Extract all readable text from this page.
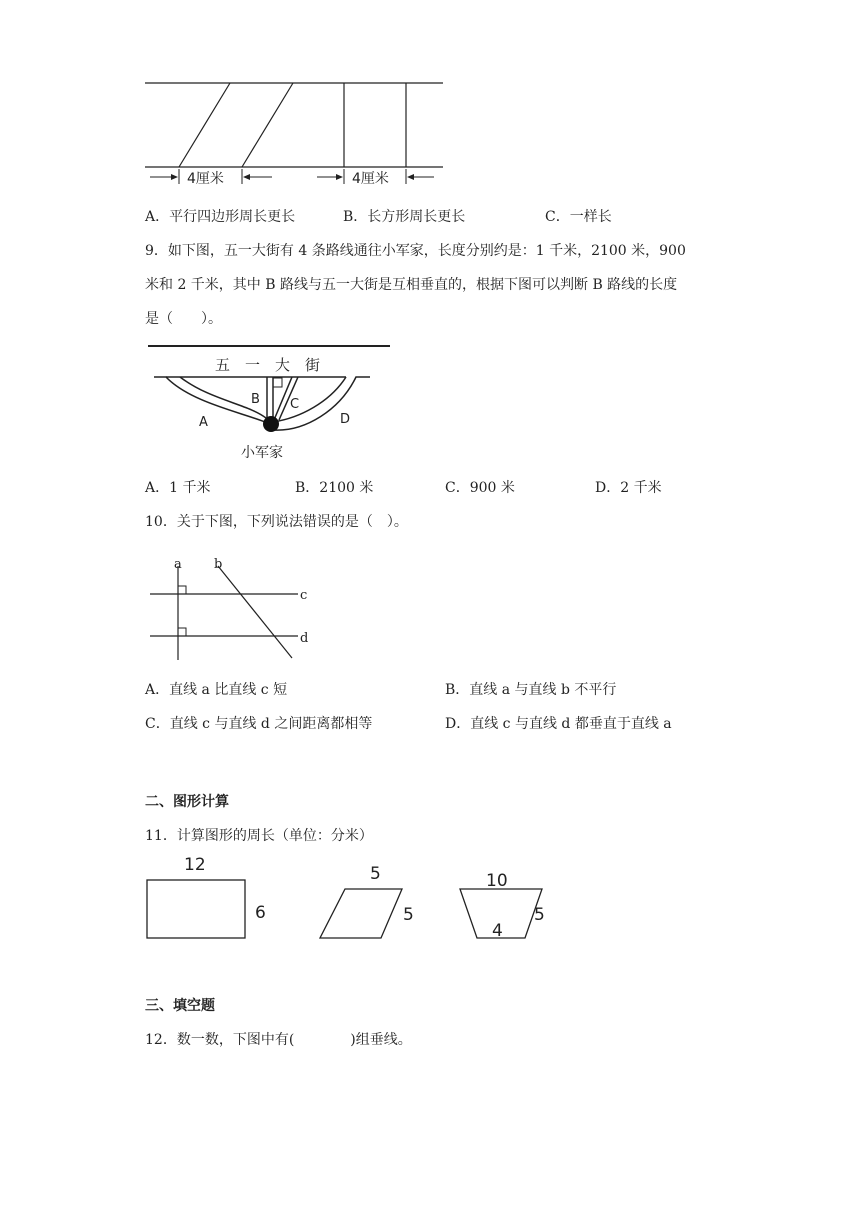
4厘米	4厘米
A．平行四边形周长更长	B．长方形周长更长	C．一样长
9．如下图，五一大街有 4 条路线通往小军家，长度分别约是：1 千米，2100 米，900
米和 2 千米，其中 B 路线与五一大街是互相垂直的，根据下图可以判断 B 路线的长度
是（　　）。
五　一　大　街
B C
A	D
小军家
A．1 千米	B．2100 米	C．900 米	D．2 千米
10．关于下图，下列说法错误的是（　）。
a b
c
d
A．直线 a 比直线 c 短	B．直线 a 与直线 b 不平行
C．直线 c 与直线 d 之间距离都相等	D．直线 c 与直线 d 都垂直于直线 a
二、图形计算
11．计算图形的周长（单位：分米）
12
6
5
5
10
5
4
三、填空题
12．数一数，下图中有(　　　　)组垂线。
